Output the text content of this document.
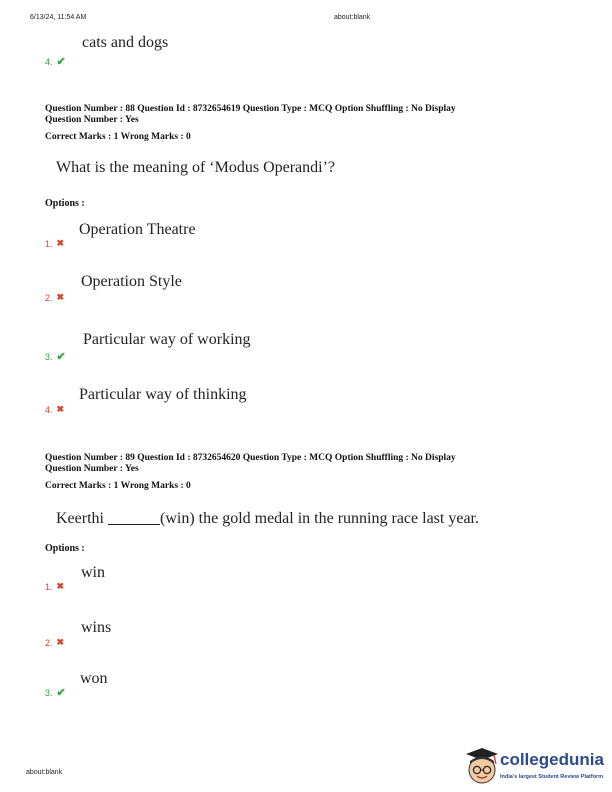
6/13/24, 11:54 AM	about:blank
about:blank
cats and dogs
4. ✔
Question Number : 88 Question Id : 8732654619 Question Type : MCQ Option Shuffling : No Display
Question Number : Yes
Correct Marks : 1 Wrong Marks : 0
What is the meaning of ‘Modus Operandi’?
Options :
Operation Theatre
1. ✖
Operation Style
2. ✖
Particular way of working
3. ✔
Particular way of thinking
4. ✖
Question Number : 89 Question Id : 8732654620 Question Type : MCQ Option Shuffling : No Display
Question Number : Yes
Correct Marks : 1 Wrong Marks : 0
Keerthi	(win) the gold medal in the running race last year.
Options :
win
1. ✖
wins
2. ✖
won
3. ✔
collegedunia
India's largest Student Review Platform
